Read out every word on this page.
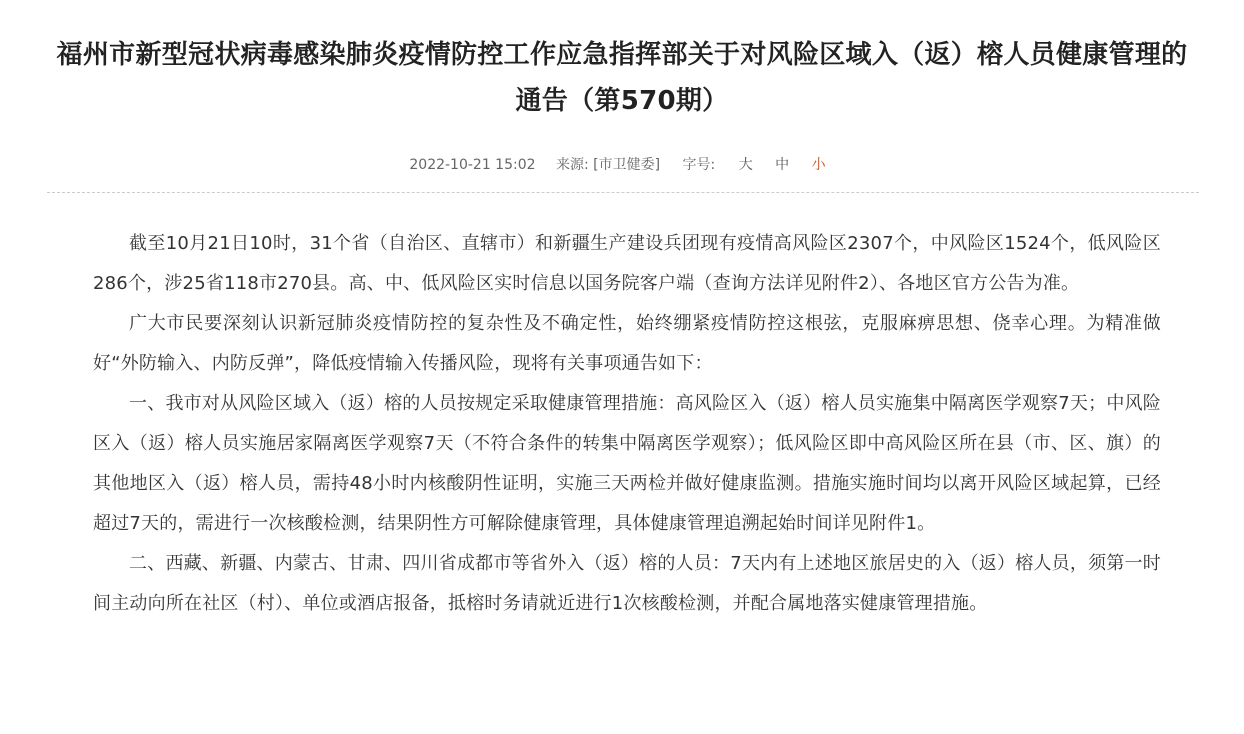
福州市新型冠状病毒感染肺炎疫情防控工作应急指挥部关于对风险区域入（返）榕人员健康管理的通告（第570期）
2022-10-21 15:02 来源: [市卫健委] 字号: 大 中 小

截至10月21日10时，31个省（自治区、直辖市）和新疆生产建设兵团现有疫情高风险区2307个，中风险区1524个，低风险区286个，涉25省118市270县。高、中、低风险区实时信息以国务院客户端（查询方法详见附件2）、各地区官方公告为准。

广大市民要深刻认识新冠肺炎疫情防控的复杂性及不确定性，始终绷紧疫情防控这根弦，克服麻痹思想、侥幸心理。为精准做好“外防输入、内防反弹”，降低疫情输入传播风险，现将有关事项通告如下：

一、我市对从风险区域入（返）榕的人员按规定采取健康管理措施：高风险区入（返）榕人员实施集中隔离医学观察7天；中风险区入（返）榕人员实施居家隔离医学观察7天（不符合条件的转集中隔离医学观察）；低风险区即中高风险区所在县（市、区、旗）的其他地区入（返）榕人员，需持48小时内核酸阴性证明，实施三天两检并做好健康监测。措施实施时间均以离开风险区域起算，已经超过7天的，需进行一次核酸检测，结果阴性方可解除健康管理，具体健康管理追溯起始时间详见附件1。

二、西藏、新疆、内蒙古、甘肃、四川省成都市等省外入（返）榕的人员：7天内有上述地区旅居史的入（返）榕人员，须第一时间主动向所在社区（村）、单位或酒店报备，抵榕时务请就近进行1次核酸检测，并配合属地落实健康管理措施。
